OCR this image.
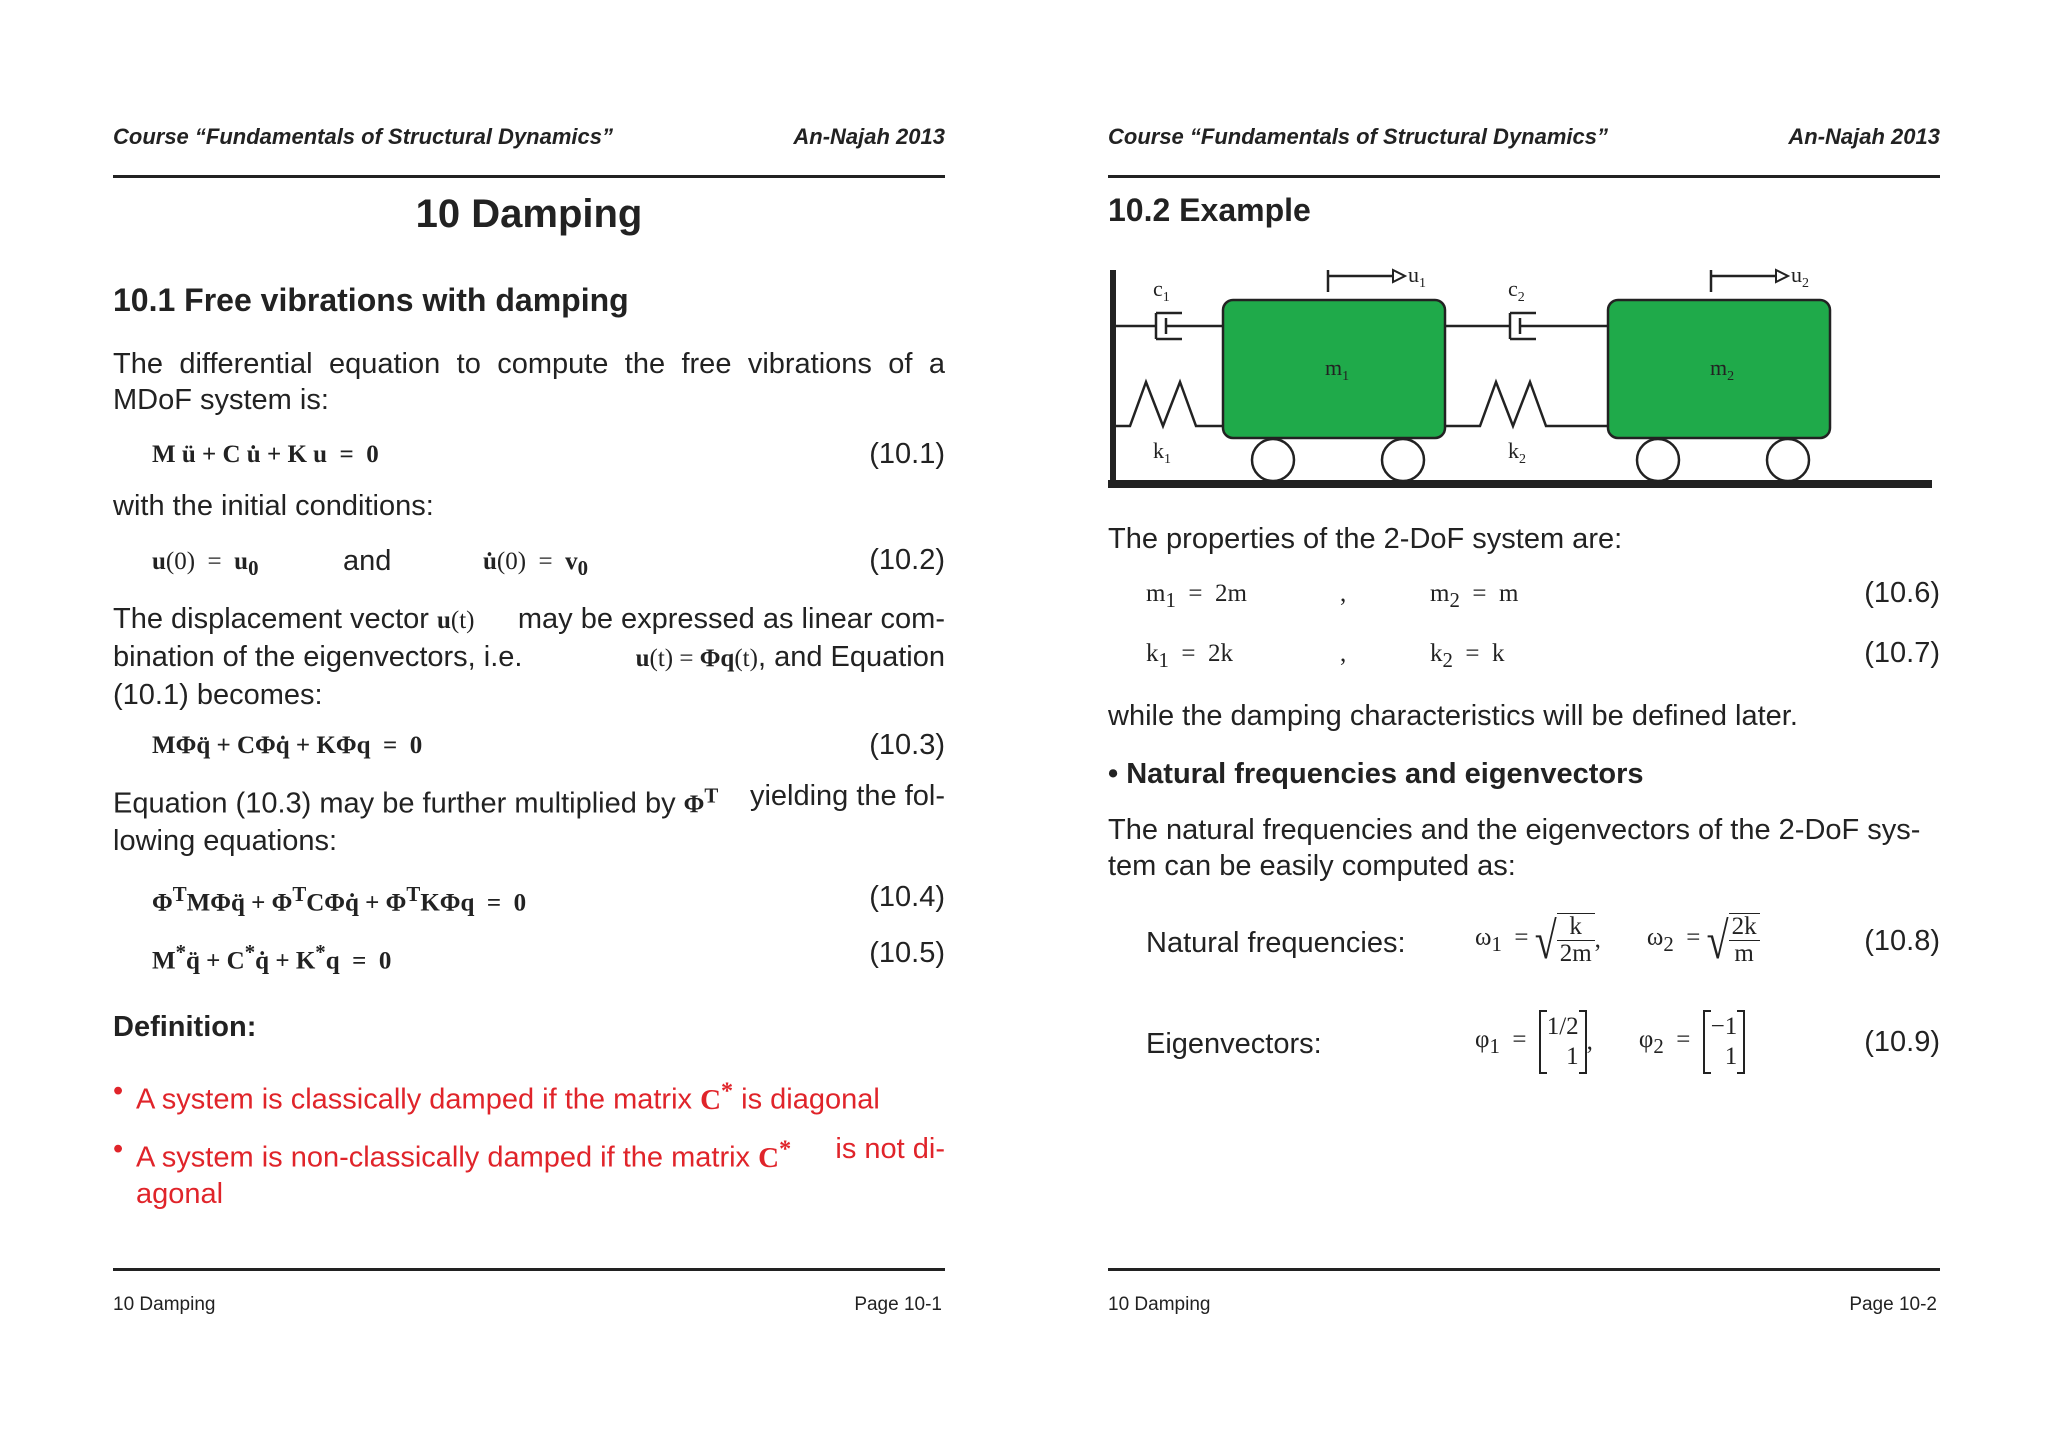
Course “Fundamentals of Structural Dynamics”	An-Najah 2013
10 Damping
10.1 Free vibrations with damping
The differential equation to compute the free vibrations of a MDoF system is:
M ü + C u̇ + K u  =  0	(10.1)
with the initial conditions:
$u(0) = u_0$	and	u̇(0)  =  $v_0$	(10.2)
The displacement vector u(t) may be expressed as linear com-
bination of the eigenvectors, i.e.	u(t) = Φq(t), and Equation
(10.1) becomes:
MΦq̈ + CΦq̇ + KΦq  =  0	(10.3)
Equation (10.3) may be further multiplied by $\Phi^T$ yielding the fol-
lowing equations:
$\Phi^TM\Phi q̈$ + $\Phi^TC\Phi q̇ + \Phi^TK\Phi q = 0$	(10.4)
M*q̈ + C*q̇ + K*q  =  0	(10.5)
Definition:
• A system is classically damped if the matrix C* is diagonal
• A system is non-classically damped if the matrix C* is not di-
agonal
10 Damping	Page 10-1
Course “Fundamentals of Structural Dynamics”	An-Najah 2013
10.2 Example
$c_1$	$c_2$
$k_1$	$k_2$
$m_1$	$m_2$
$u_1$	$u_2$
The properties of the 2-DoF system are:
$m_1 = 2m$	,	$m_2 = m$	(10.6)
$k_1 = 2k$	,	$k_2 = k$	(10.7)
while the damping characteristics will be defined later.
• Natural frequencies and eigenvectors
The natural frequencies and the eigenvectors of the 2-DoF sys-
tem can be easily computed as:
Natural frequencies:	$\omega_1$  = √ $\frac{k}{2m}$ , $\omega_2$  = √ $\frac{2k}{m}$	(10.8)
Eigenvectors:	$\varphi_1 = 1/2$
1
, $\varphi_2 = -1$
1	(10.9)
10 Damping	Page 10-2
